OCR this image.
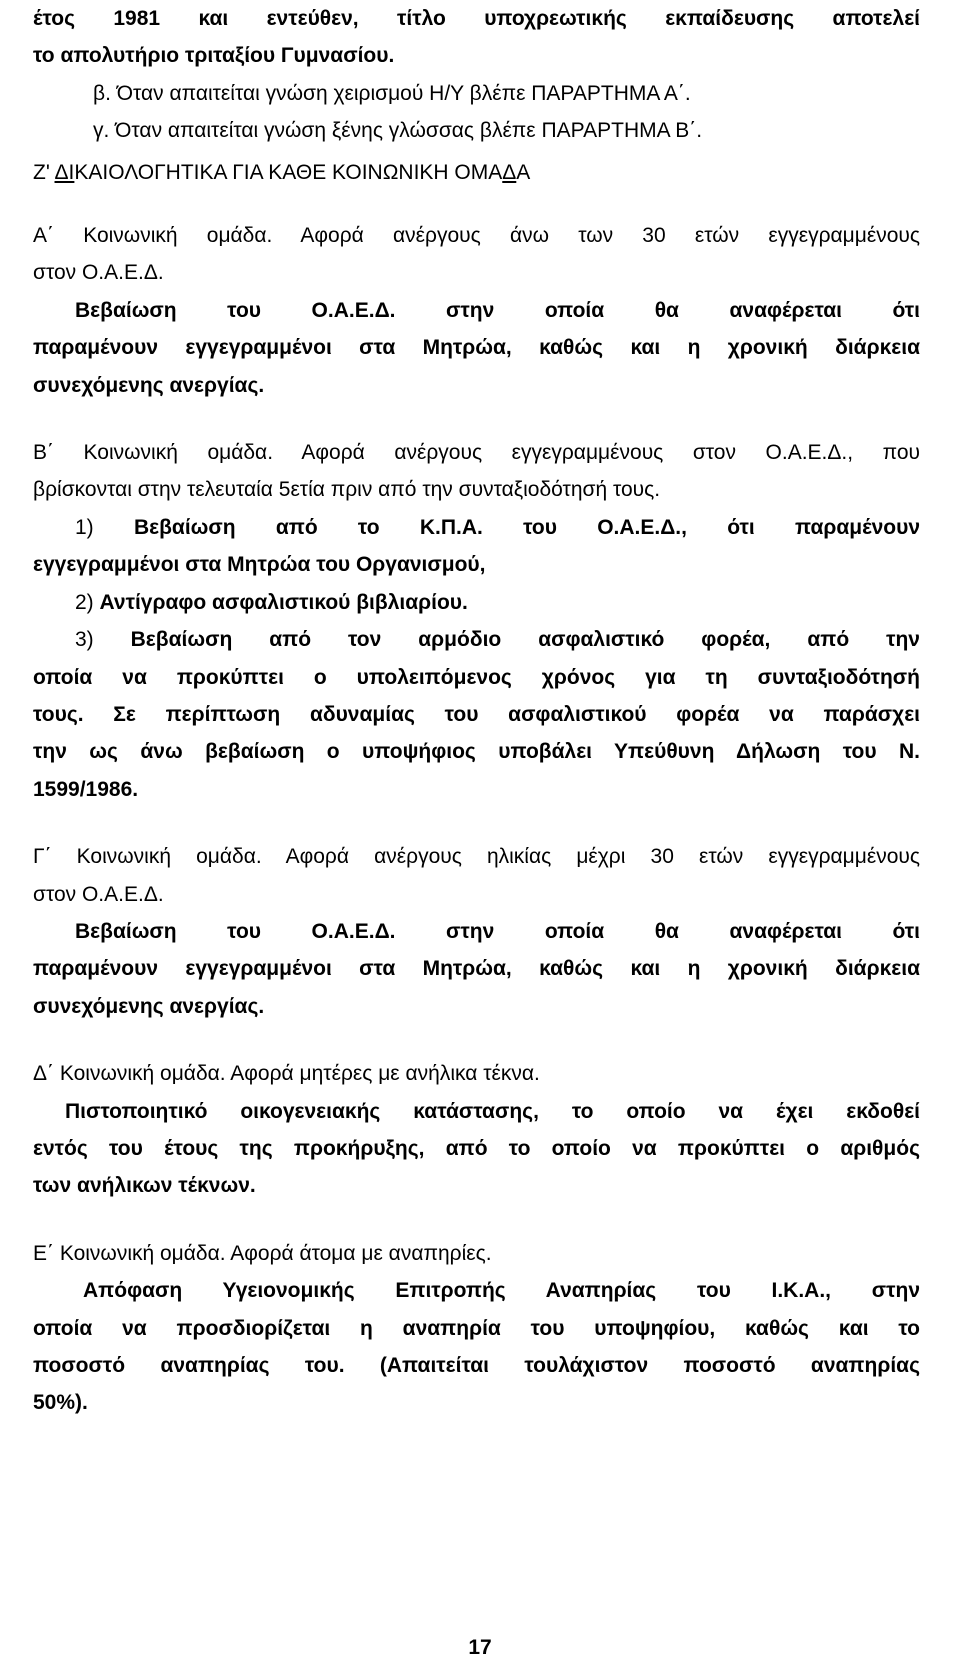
έτος 1981 και εντεύθεν, τίτλο υποχρεωτικής εκπαίδευσης αποτελεί

το απολυτήριο τριταξίου Γυμνασίου.

β. Όταν απαιτείται γνώση χειρισμού Η/Υ βλέπε ΠΑΡΑΡΤΗΜΑ Α΄.

γ. Όταν απαιτείται γνώση ξένης γλώσσας βλέπε ΠΑΡΑΡΤΗΜΑ Β΄.

Ζ' ΔΙΚΑΙΟΛΟΓΗΤΙΚΑ ΓΙΑ ΚΑΘΕ ΚΟΙΝΩΝΙΚΗ ΟΜΑΔΑ

Α΄ Κοινωνική ομάδα. Αφορά ανέργους άνω των 30 ετών εγγεγραμμένους

στον Ο.Α.Ε.Δ.

Βεβαίωση του Ο.Α.Ε.Δ. στην οποία θα αναφέρεται ότι

παραμένουν εγγεγραμμένοι στα Μητρώα, καθώς και η χρονική διάρκεια

συνεχόμενης ανεργίας.

Β΄ Κοινωνική ομάδα. Αφορά ανέργους εγγεγραμμένους στον Ο.Α.Ε.Δ., που

βρίσκονται στην τελευταία 5ετία πριν από την συνταξιοδότησή τους.

1) Βεβαίωση από το Κ.Π.Α. του Ο.Α.Ε.Δ., ότι παραμένουν

εγγεγραμμένοι στα Μητρώα του Οργανισμού,

2) Αντίγραφο ασφαλιστικού βιβλιαρίου.

3) Βεβαίωση από τον αρμόδιο ασφαλιστικό φορέα, από την

οποία να προκύπτει ο υπολειπόμενος χρόνος για τη συνταξιοδότησή

τους. Σε περίπτωση αδυναμίας του ασφαλιστικού φορέα να παράσχει

την ως άνω βεβαίωση ο υποψήφιος υποβάλει Υπεύθυνη Δήλωση του Ν.

1599/1986.

Γ΄ Κοινωνική ομάδα. Αφορά ανέργους ηλικίας μέχρι 30 ετών εγγεγραμμένους

στον Ο.Α.Ε.Δ.

Βεβαίωση του Ο.Α.Ε.Δ. στην οποία θα αναφέρεται ότι

παραμένουν εγγεγραμμένοι στα Μητρώα, καθώς και η χρονική διάρκεια

συνεχόμενης ανεργίας.

Δ΄ Κοινωνική ομάδα. Αφορά μητέρες με ανήλικα τέκνα.

Πιστοποιητικό οικογενειακής κατάστασης, το οποίο να έχει εκδοθεί

εντός του έτους της προκήρυξης, από το οποίο να προκύπτει ο αριθμός

των ανήλικων τέκνων.

Ε΄ Κοινωνική ομάδα. Αφορά άτομα με αναπηρίες.

Απόφαση Υγειονομικής Επιτροπής Αναπηρίας του Ι.Κ.Α., στην

οποία να προσδιορίζεται η αναπηρία του υποψηφίου, καθώς και το

ποσοστό αναπηρίας του. (Απαιτείται τουλάχιστον ποσοστό αναπηρίας

50%).

17
